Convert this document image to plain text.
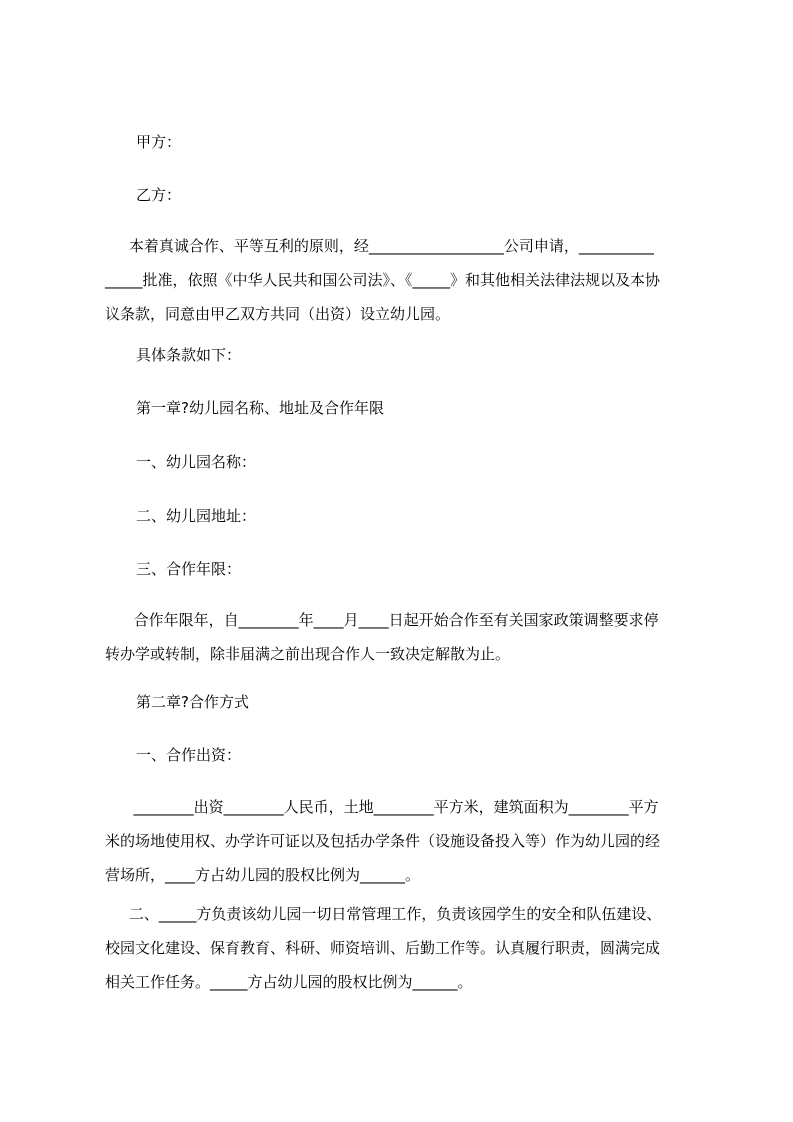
甲方：
乙方：
本着真诚合作、平等互利的原则，经__________________公司申请，__________
_____批准，依照《中华人民共和国公司法》、《_____》和其他相关法律法规以及本协
议条款，同意由甲乙双方共同（出资）设立幼儿园。
具体条款如下：
第一章?幼儿园名称、地址及合作年限
一、幼儿园名称：
二、幼儿园地址：
三、合作年限：
合作年限年，自________年____月____日起开始合作至有关国家政策调整要求停
转办学或转制，除非届满之前出现合作人一致决定解散为止。
第二章?合作方式
一、合作出资：
________出资________人民币，土地________平方米，建筑面积为________平方
米的场地使用权、办学许可证以及包括办学条件（设施设备投入等）作为幼儿园的经
营场所，____方占幼儿园的股权比例为______。
二、_____方负责该幼儿园一切日常管理工作，负责该园学生的安全和队伍建设、
校园文化建设、保育教育、科研、师资培训、后勤工作等。认真履行职责，圆满完成
相关工作任务。_____方占幼儿园的股权比例为______。
